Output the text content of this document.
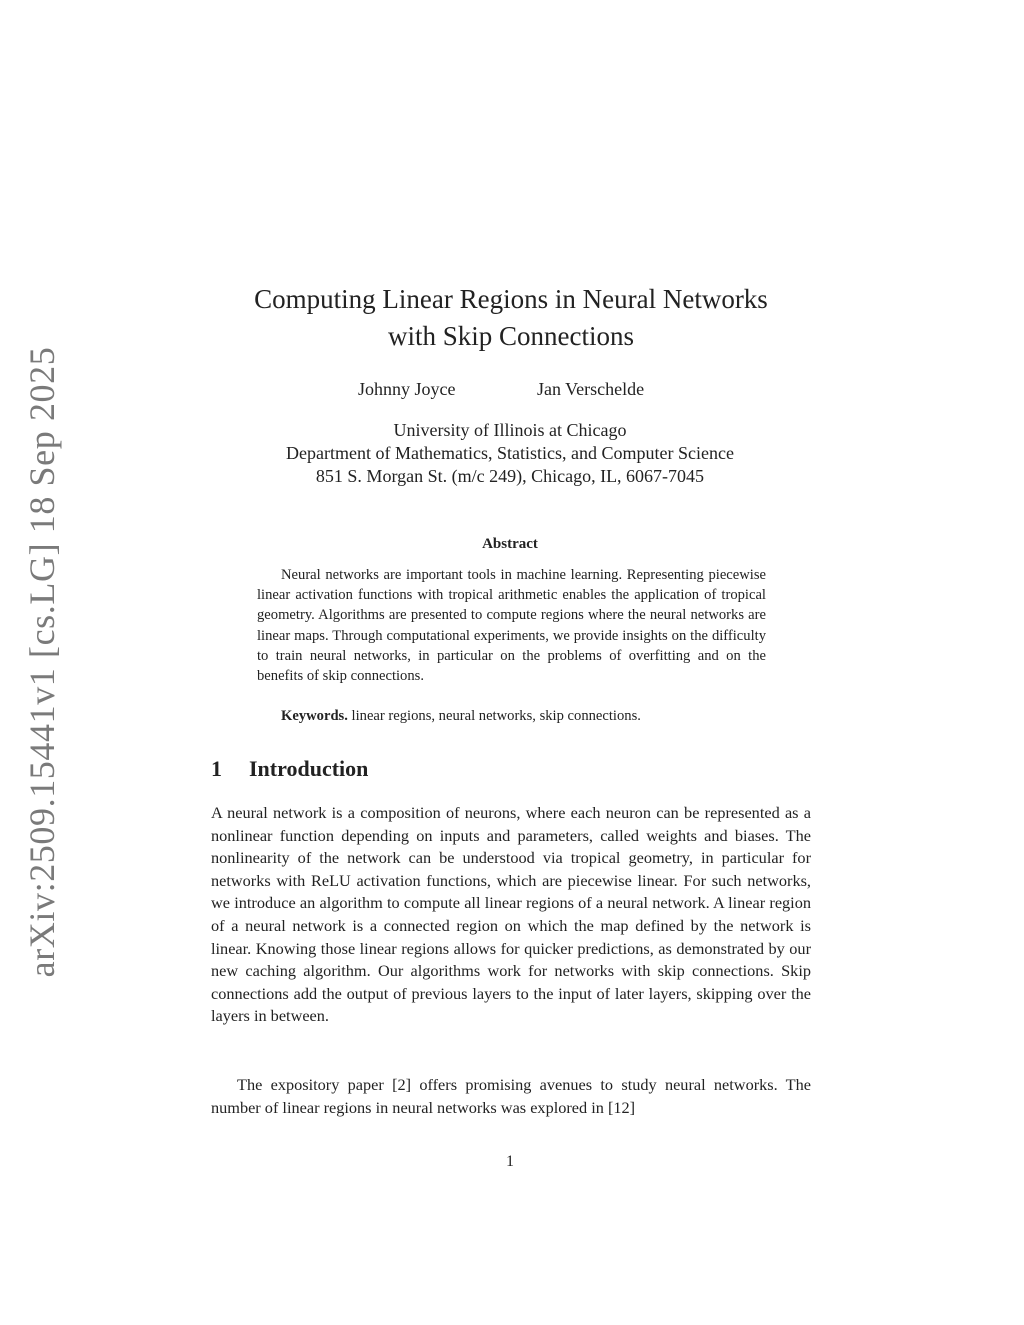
arXiv:2509.15441v1 [cs.LG] 18 Sep 2025
Computing Linear Regions in Neural Networks
with Skip Connections
Johnny Joyce	Jan Verschelde
University of Illinois at Chicago
Department of Mathematics, Statistics, and Computer Science
851 S. Morgan St. (m/c 249), Chicago, IL, 6067-7045
Abstract

Neural networks are important tools in machine learning. Representing piecewise linear activation functions with tropical arithmetic enables the application of tropical geometry. Algorithms are presented to compute regions where the neural networks are linear maps. Through computational experiments, we provide insights on the difficulty to train neural networks, in particular on the problems of overfitting and on the benefits of skip connections.

Keywords. linear regions, neural networks, skip connections.

1 Introduction

A neural network is a composition of neurons, where each neuron can be represented as a nonlinear function depending on inputs and parameters, called weights and biases. The nonlinearity of the network can be understood via tropical geometry, in particular for networks with ReLU activation functions, which are piecewise linear. For such networks, we introduce an algorithm to compute all linear regions of a neural network. A linear region of a neural network is a connected region on which the map defined by the network is linear. Knowing those linear regions allows for quicker predictions, as demonstrated by our new caching algorithm. Our algorithms work for networks with skip connections. Skip connections add the output of previous layers to the input of later layers, skipping over the layers in between.

The expository paper [2] offers promising avenues to study neural networks. The number of linear regions in neural networks was explored in [12]

1
